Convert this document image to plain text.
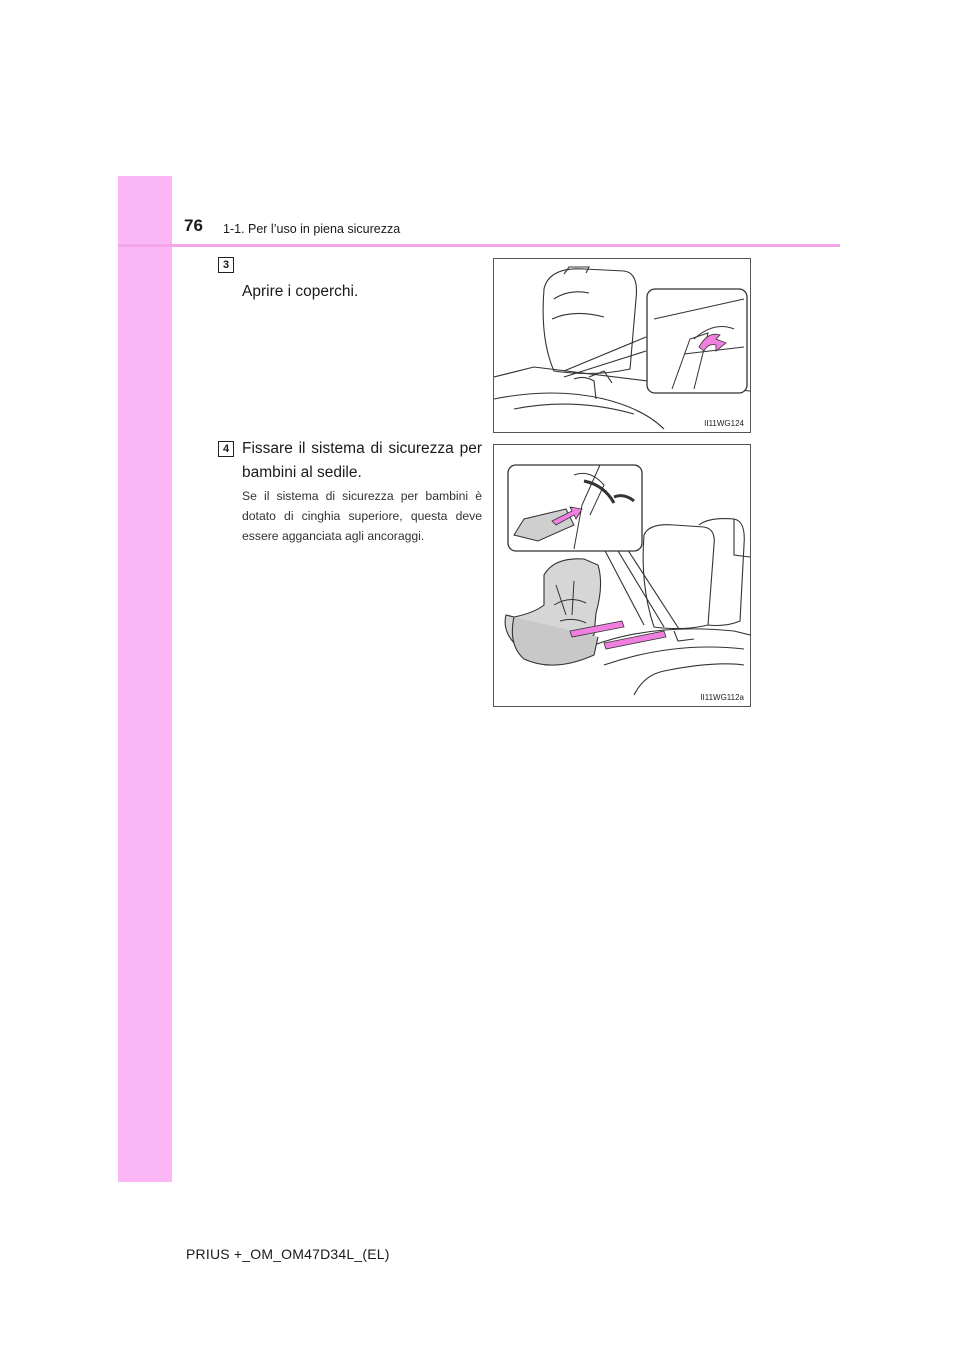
76 1-1. Per l’uso in piena sicurezza
3
Aprire i coperchi.
II11WG124
4 Fissare il sistema di sicurezza per bambini al sedile.
Se il sistema di sicurezza per bambini è dotato di cinghia superiore, questa deve essere agganciata agli ancoraggi.
II11WG112a
PRIUS +_OM_OM47D34L_(EL)
